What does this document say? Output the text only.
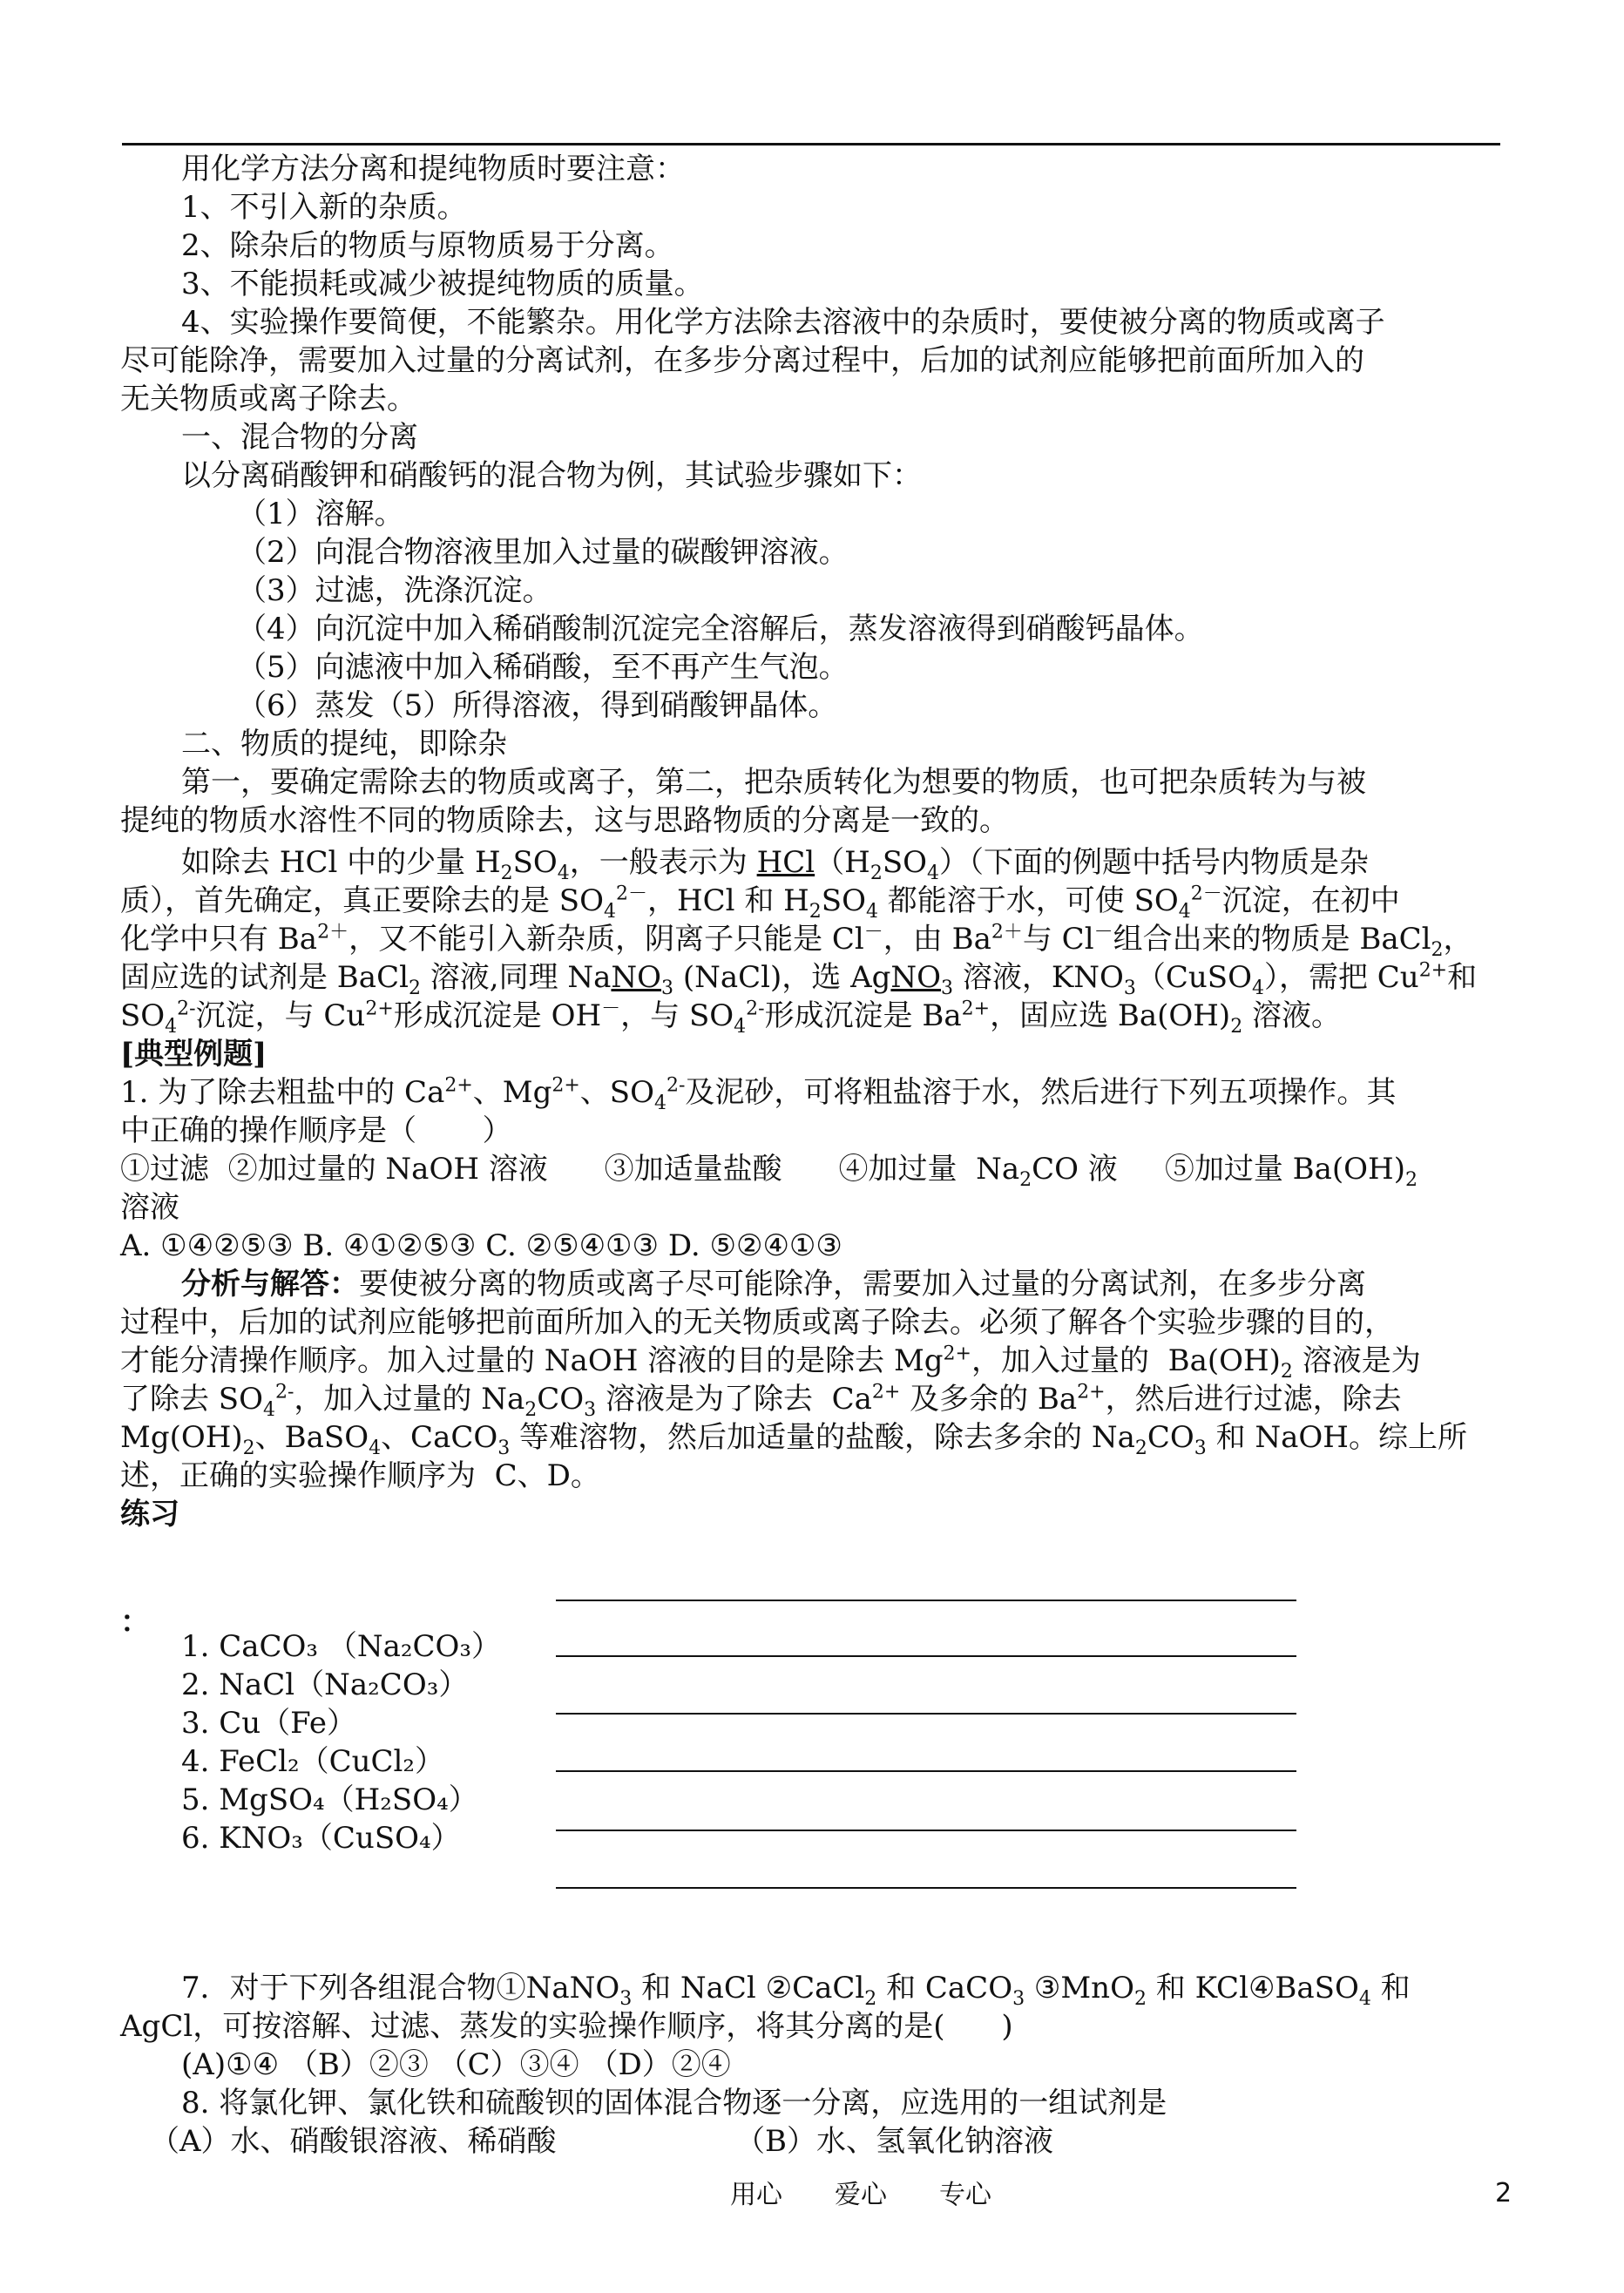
用化学方法分离和提纯物质时要注意：
1、不引入新的杂质。
2、除杂后的物质与原物质易于分离。
3、不能损耗或减少被提纯物质的质量。
4、实验操作要简便，不能繁杂。用化学方法除去溶液中的杂质时，要使被分离的物质或离子
尽可能除净，需要加入过量的分离试剂，在多步分离过程中，后加的试剂应能够把前面所加入的
无关物质或离子除去。
一、混合物的分离
以分离硝酸钾和硝酸钙的混合物为例，其试验步骤如下：
（1）溶解。
（2）向混合物溶液里加入过量的碳酸钾溶液。
（3）过滤，洗涤沉淀。
（4）向沉淀中加入稀硝酸制沉淀完全溶解后，蒸发溶液得到硝酸钙晶体。
（5）向滤液中加入稀硝酸，至不再产生气泡。
（6）蒸发（5）所得溶液，得到硝酸钾晶体。
二、物质的提纯，即除杂
第一，要确定需除去的物质或离子，第二，把杂质转化为想要的物质，也可把杂质转为与被
提纯的物质水溶性不同的物质除去，这与思路物质的分离是一致的。
如除去 HCl 中的少量 $H_2SO_4$，一般表示为 $HCl(H_2SO_4)$（下面的例题中括号内物质是杂
质），首先确定，真正要除去的是 $SO_4^{2-}$，HCl 和 $H_2SO_4$ 都能溶于水，可使 $SO_4^{2-}$沉淀，在初中
化学中只有 $Ba^{2+}$，又不能引入新杂质，阴离子只能是 Cl－，由 $Ba^{2+}$与 Cl－组合出来的物质是 BaCl$_2$，
固应选的试剂是 BaCl$_2$ 溶液,同理 NaNO$_3$ (NaCl)，选 AgNO$_3$ 溶液，$KNO_3(CuSO_4)$，需把 $Cu^{2+}$和
$SO_4^{2-}$沉淀，与 $Cu^{2+}$形成沉淀是 OH－，与 $SO_4^{2-}$形成沉淀是 $Ba^{2+}$，固应选 $Ba(OH)_2$ 溶液。
[典型例题]
1. 为了除去粗盐中的 $Ca^{2+}$、$Mg^{2+}$、$SO_4^{2-}$及泥砂，可将粗盐溶于水，然后进行下列五项操作。其
中正确的操作顺序是（       ）
①过滤  ②加过量的 NaOH 溶液      ③加适量盐酸      ④加过量  $Na_2CO$ 液     ⑤加过量 $Ba(OH)_2$
溶液
A. ①④②⑤③ B. ④①②⑤③ C. ②⑤④①③ D. ⑤②④①③
分析与解答：要使被分离的物质或离子尽可能除净，需要加入过量的分离试剂，在多步分离
过程中，后加的试剂应能够把前面所加入的无关物质或离子除去。必须了解各个实验步骤的目的，
才能分清操作顺序。加入过量的 NaOH 溶液的目的是除去 $Mg^{2+}$，加入过量的  $Ba(OH)_2$ 溶液是为
了除去 $SO_4^{2-}$，加入过量的 $Na_2CO_3$ 溶液是为了除去  $Ca^{2+}$ 及多余的 $Ba^{2+}$，然后进行过滤，除去
$Mg(OH)_2$、BaSO$_4$、CaCO$_3$ 等难溶物，然后加适量的盐酸，除去多余的 $Na_2CO_3$ 和 NaOH。综上所
述，正确的实验操作顺序为  C、D。
练习
：
1. CaCO₃ （Na₂CO₃）
2. NaCl（Na₂CO₃）
3. Cu（Fe）
4. FeCl₂（CuCl₂）
5. MgSO₄（H₂SO₄）
6. KNO₃（CuSO₄）
7．对于下列各组混合物①NaNO$_3$ 和 NaCl ②CaCl$_2$ 和 CaCO$_3$ ③MnO$_2$ 和 KCl④BaSO$_4$ 和
AgCl，可按溶解、过滤、蒸发的实验操作顺序，将其分离的是(      )
(A)①④ （B）②③ （C）③④ （D）②④
8. 将氯化钾、氯化铁和硫酸钡的固体混合物逐一分离，应选用的一组试剂是
（A）水、硝酸银溶液、稀硝酸	（B）水、氢氧化钠溶液
用心 爱心 专心	2
